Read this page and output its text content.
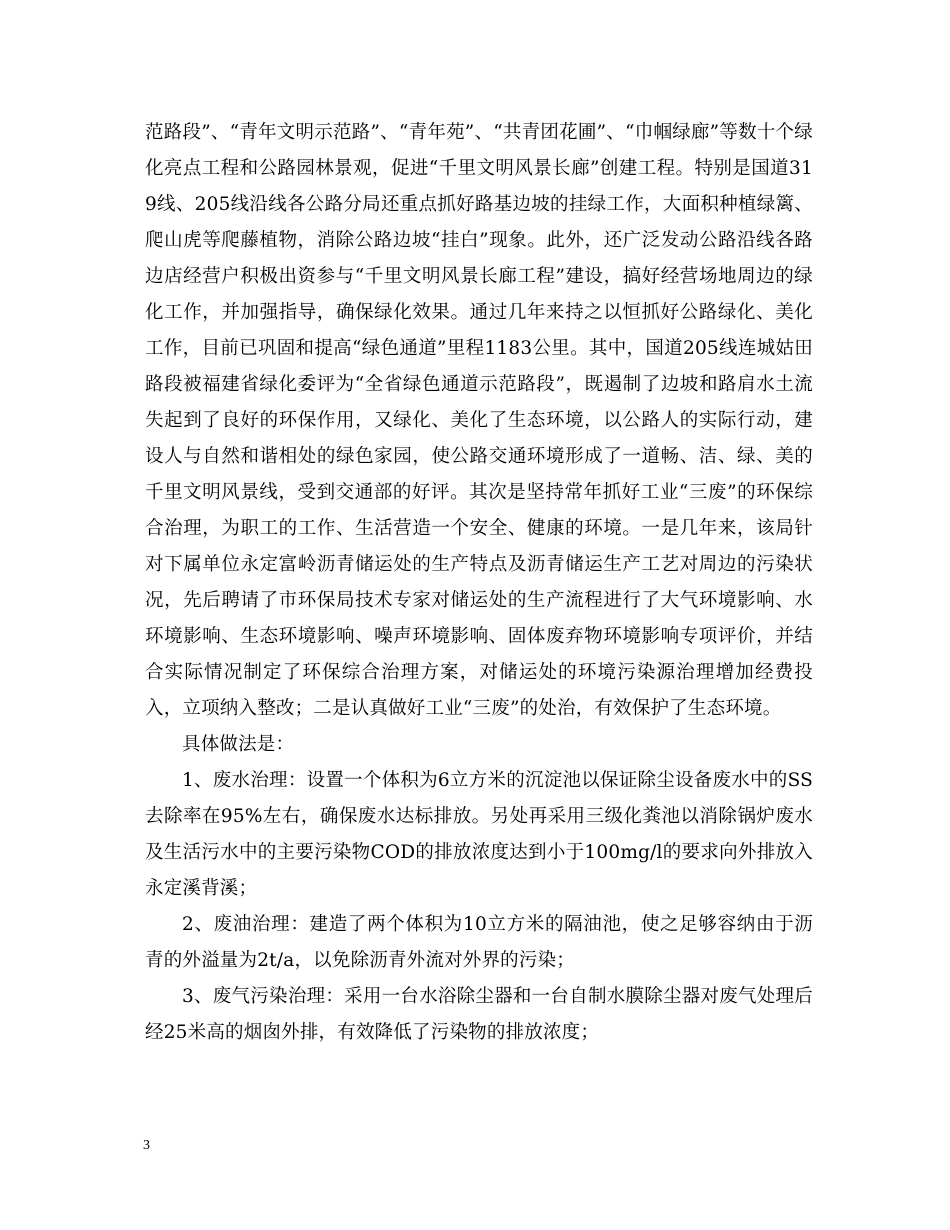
范路段”、“青年文明示范路”、“青年苑”、“共青团花圃”、“巾帼绿廊”等数十个绿化亮点工程和公路园林景观，促进“千里文明风景长廊”创建工程。特别是国道319线、205线沿线各公路分局还重点抓好路基边坡的挂绿工作，大面积种植绿篱、爬山虎等爬藤植物，消除公路边坡“挂白”现象。此外，还广泛发动公路沿线各路边店经营户积极出资参与“千里文明风景长廊工程”建设，搞好经营场地周边的绿化工作，并加强指导，确保绿化效果。通过几年来持之以恒抓好公路绿化、美化工作，目前已巩固和提高“绿色通道”里程1183公里。其中，国道205线连城姑田路段被福建省绿化委评为“全省绿色通道示范路段”，既遏制了边坡和路肩水土流失起到了良好的环保作用，又绿化、美化了生态环境，以公路人的实际行动，建设人与自然和谐相处的绿色家园，使公路交通环境形成了一道畅、洁、绿、美的千里文明风景线，受到交通部的好评。其次是坚持常年抓好工业“三废”的环保综合治理，为职工的工作、生活营造一个安全、健康的环境。一是几年来，该局针对下属单位永定富岭沥青储运处的生产特点及沥青储运生产工艺对周边的污染状况，先后聘请了市环保局技术专家对储运处的生产流程进行了大气环境影响、水环境影响、生态环境影响、噪声环境影响、固体废弃物环境影响专项评价，并结合实际情况制定了环保综合治理方案，对储运处的环境污染源治理增加经费投入，立项纳入整改；二是认真做好工业“三废”的处治，有效保护了生态环境。

具体做法是：

1、废水治理：设置一个体积为6立方米的沉淀池以保证除尘设备废水中的SS去除率在95%左右，确保废水达标排放。另处再采用三级化粪池以消除锅炉废水及生活污水中的主要污染物COD的排放浓度达到小于100mg/l的要求向外排放入永定溪背溪；

2、废油治理：建造了两个体积为10立方米的隔油池，使之足够容纳由于沥青的外溢量为2t/a，以免除沥青外流对外界的污染；

3、废气污染治理：采用一台水浴除尘器和一台自制水膜除尘器对废气处理后经25米高的烟囱外排，有效降低了污染物的排放浓度；

3
